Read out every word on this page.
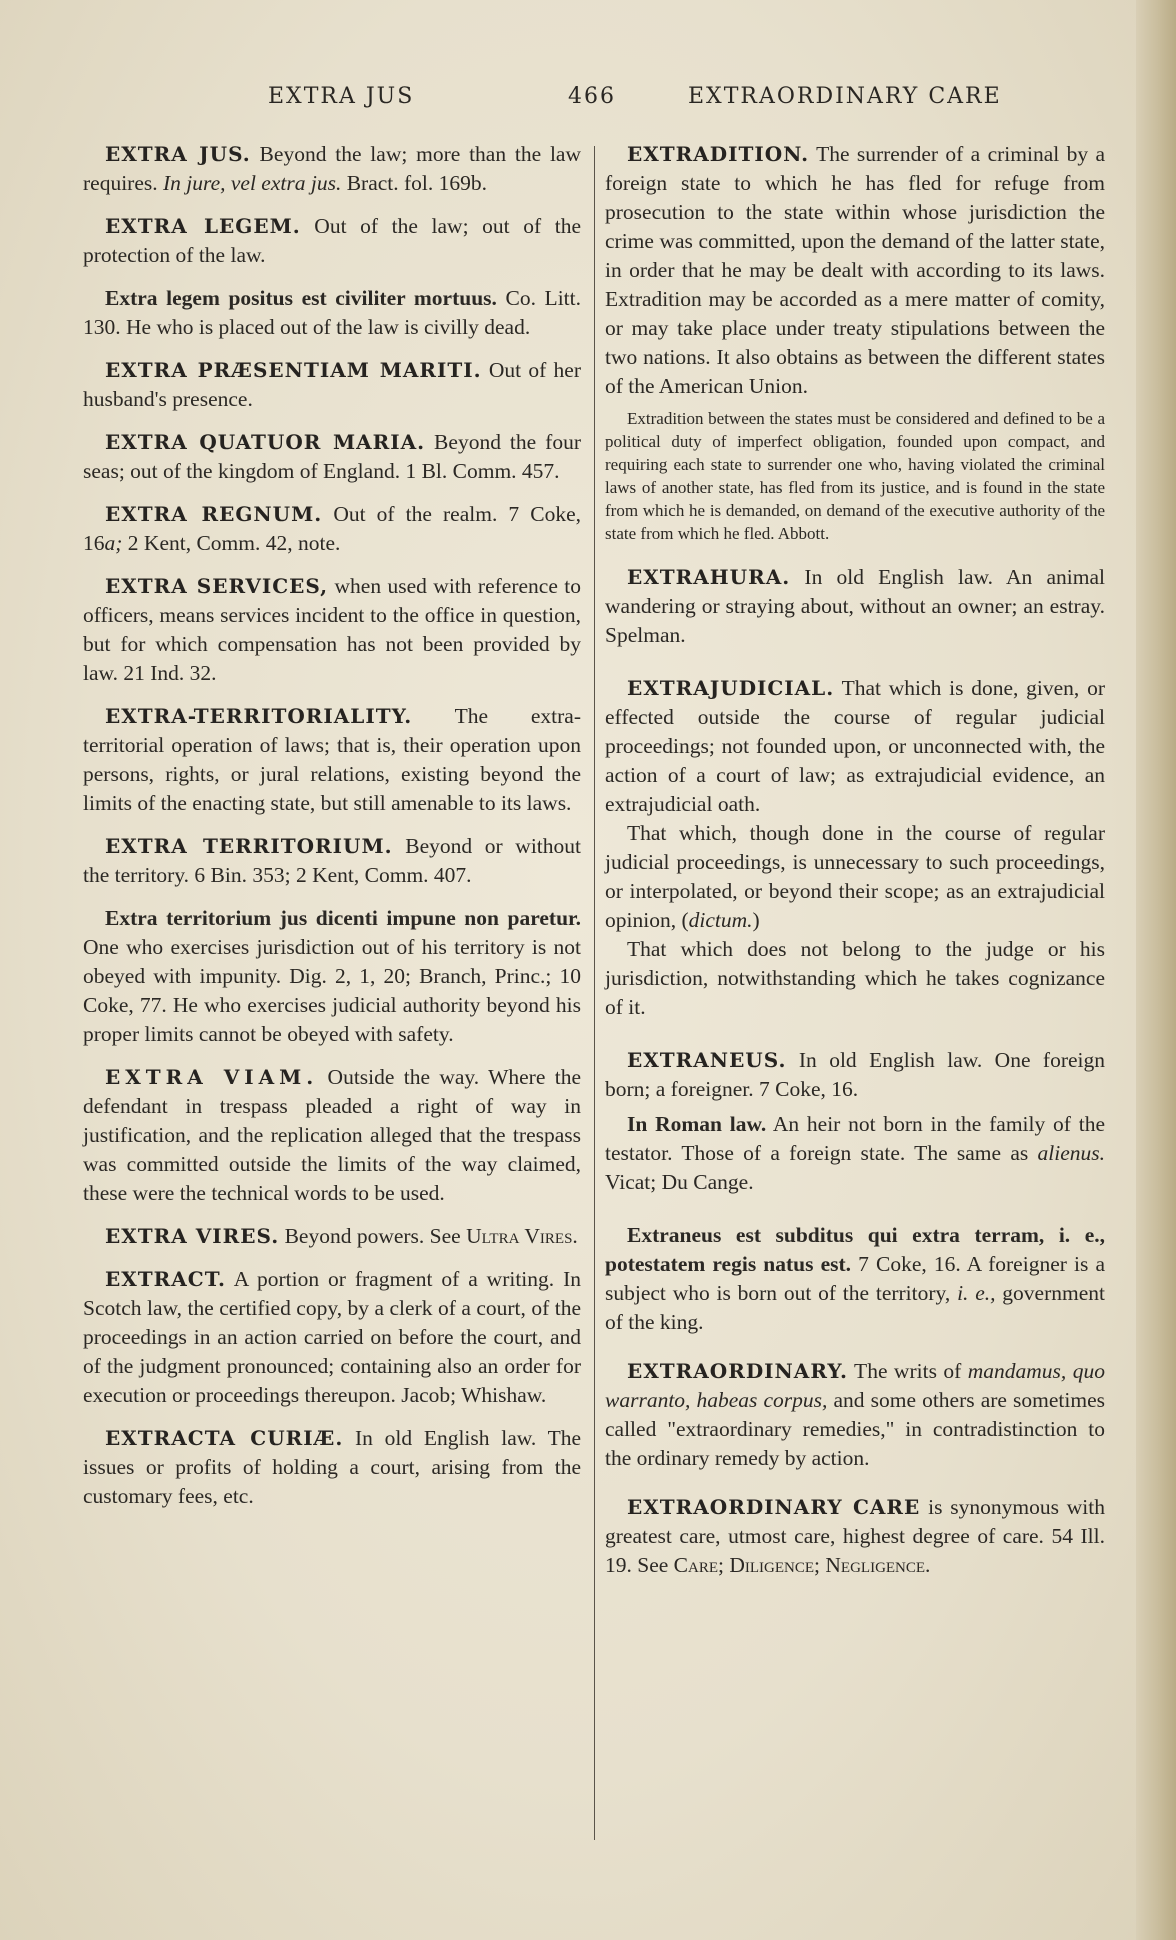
EXTRA JUS	466	EXTRAORDINARY CARE

EXTRA JUS. Beyond the law; more than the law requires. In jure, vel extra jus. Bract. fol. 169b.

EXTRA LEGEM. Out of the law; out of the protection of the law.

Extra legem positus est civiliter mortuus. Co. Litt. 130. He who is placed out of the law is civilly dead.

EXTRA PRÆSENTIAM MARITI. Out of her husband's presence.

EXTRA QUATUOR MARIA. Beyond the four seas; out of the kingdom of England. 1 Bl. Comm. 457.

EXTRA REGNUM. Out of the realm. 7 Coke, 16a; 2 Kent, Comm. 42, note.

EXTRA SERVICES, when used with reference to officers, means services incident to the office in question, but for which compensation has not been provided by law. 21 Ind. 32.

EXTRA-TERRITORIALITY. The extra-territorial operation of laws; that is, their operation upon persons, rights, or jural relations, existing beyond the limits of the enacting state, but still amenable to its laws.

EXTRA TERRITORIUM. Beyond or without the territory. 6 Bin. 353; 2 Kent, Comm. 407.

Extra territorium jus dicenti impune non paretur. One who exercises jurisdiction out of his territory is not obeyed with impunity. Dig. 2, 1, 20; Branch, Princ.; 10 Coke, 77. He who exercises judicial authority beyond his proper limits cannot be obeyed with safety.

EXTRA VIAM. Outside the way. Where the defendant in trespass pleaded a right of way in justification, and the replication alleged that the trespass was committed outside the limits of the way claimed, these were the technical words to be used.

EXTRA VIRES. Beyond powers. See Ultra Vires.

EXTRACT. A portion or fragment of a writing. In Scotch law, the certified copy, by a clerk of a court, of the proceedings in an action carried on before the court, and of the judgment pronounced; containing also an order for execution or proceedings thereupon. Jacob; Whishaw.

EXTRACTA CURIÆ. In old English law. The issues or profits of holding a court, arising from the customary fees, etc.

EXTRADITION. The surrender of a criminal by a foreign state to which he has fled for refuge from prosecution to the state within whose jurisdiction the crime was committed, upon the demand of the latter state, in order that he may be dealt with according to its laws. Extradition may be accorded as a mere matter of comity, or may take place under treaty stipulations between the two nations. It also obtains as between the different states of the American Union.

Extradition between the states must be considered and defined to be a political duty of imperfect obligation, founded upon compact, and requiring each state to surrender one who, having violated the criminal laws of another state, has fled from its justice, and is found in the state from which he is demanded, on demand of the executive authority of the state from which he fled. Abbott.

EXTRAHURA. In old English law. An animal wandering or straying about, without an owner; an estray. Spelman.

EXTRAJUDICIAL. That which is done, given, or effected outside the course of regular judicial proceedings; not founded upon, or unconnected with, the action of a court of law; as extrajudicial evidence, an extrajudicial oath.

That which, though done in the course of regular judicial proceedings, is unnecessary to such proceedings, or interpolated, or beyond their scope; as an extrajudicial opinion, (dictum.)

That which does not belong to the judge or his jurisdiction, notwithstanding which he takes cognizance of it.

EXTRANEUS. In old English law. One foreign born; a foreigner. 7 Coke, 16.

In Roman law. An heir not born in the family of the testator. Those of a foreign state. The same as alienus. Vicat; Du Cange.

Extraneus est subditus qui extra terram, i. e., potestatem regis natus est. 7 Coke, 16. A foreigner is a subject who is born out of the territory, i. e., government of the king.

EXTRAORDINARY. The writs of mandamus, quo warranto, habeas corpus, and some others are sometimes called "extraordinary remedies," in contradistinction to the ordinary remedy by action.

EXTRAORDINARY CARE is synonymous with greatest care, utmost care, highest degree of care. 54 Ill. 19. See Care; Diligence; Negligence.
